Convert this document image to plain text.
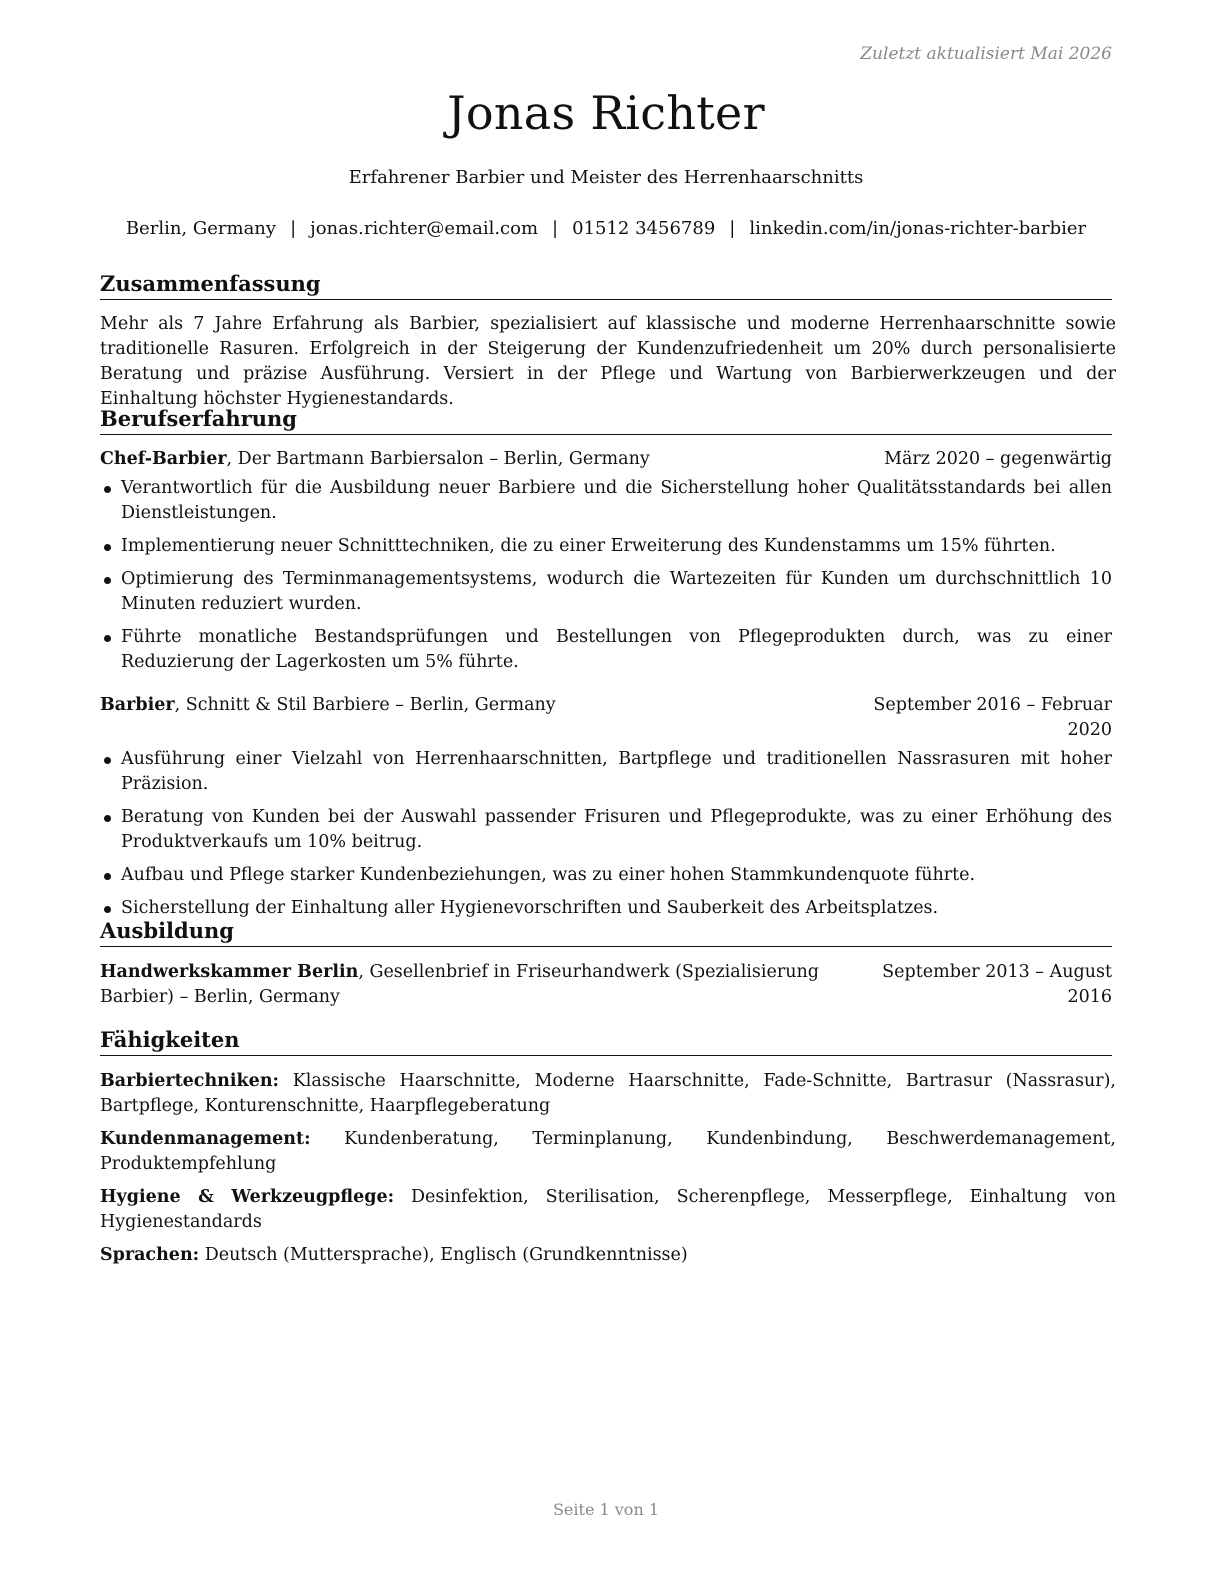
Zuletzt aktualisiert Mai 2026
Jonas Richter
Erfahrener Barbier und Meister des Herrenhaarschnitts
Berlin, Germany | jonas.richter@email.com | 01512 3456789 | linkedin.com/in/jonas-richter-barbier
Zusammenfassung
Mehr als 7 Jahre Erfahrung als Barbier, spezialisiert auf klassische und moderne Herrenhaarschnitte sowie traditionelle Rasuren. Erfolgreich in der Steigerung der Kundenzufriedenheit um 20% durch personalisierte Beratung und präzise Ausführung. Versiert in der Pflege und Wartung von Barbierwerkzeugen und der Einhaltung höchster Hygienestandards.
Berufserfahrung
Chef-Barbier, Der Bartmann Barbiersalon – Berlin, Germany	März 2020 – gegenwärtig
Verantwortlich für die Ausbildung neuer Barbiere und die Sicherstellung hoher Qualitätsstandards bei allen Dienstleistungen.
Implementierung neuer Schnitttechniken, die zu einer Erweiterung des Kundenstamms um 15% führten.
Optimierung des Terminmanagementsystems, wodurch die Wartezeiten für Kunden um durchschnittlich 10 Minuten reduziert wurden.
Führte monatliche Bestandsprüfungen und Bestellungen von Pflegeprodukten durch, was zu einer Reduzierung der Lagerkosten um 5% führte.
Barbier, Schnitt & Stil Barbiere – Berlin, Germany	September 2016 – Februar 2020
Ausführung einer Vielzahl von Herrenhaarschnitten, Bartpflege und traditionellen Nassrasuren mit hoher Präzision.
Beratung von Kunden bei der Auswahl passender Frisuren und Pflegeprodukte, was zu einer Erhöhung des Produktverkaufs um 10% beitrug.
Aufbau und Pflege starker Kundenbeziehungen, was zu einer hohen Stammkundenquote führte.
Sicherstellung der Einhaltung aller Hygienevorschriften und Sauberkeit des Arbeitsplatzes.
Ausbildung
Handwerkskammer Berlin, Gesellenbrief in Friseurhandwerk (Spezialisierung Barbier) – Berlin, Germany
September 2013 – August 2016
Fähigkeiten
Barbiertechniken: Klassische Haarschnitte, Moderne Haarschnitte, Fade-Schnitte, Bartrasur (Nassrasur), Bartpflege, Konturenschnitte, Haarpflegeberatung
Kundenmanagement: Kundenberatung, Terminplanung, Kundenbindung, Beschwerdemanagement, Produktempfehlung
Hygiene & Werkzeugpflege: Desinfektion, Sterilisation, Scherenpflege, Messerpflege, Einhaltung von Hygienestandards
Sprachen: Deutsch (Muttersprache), Englisch (Grundkenntnisse)
Seite 1 von 1
